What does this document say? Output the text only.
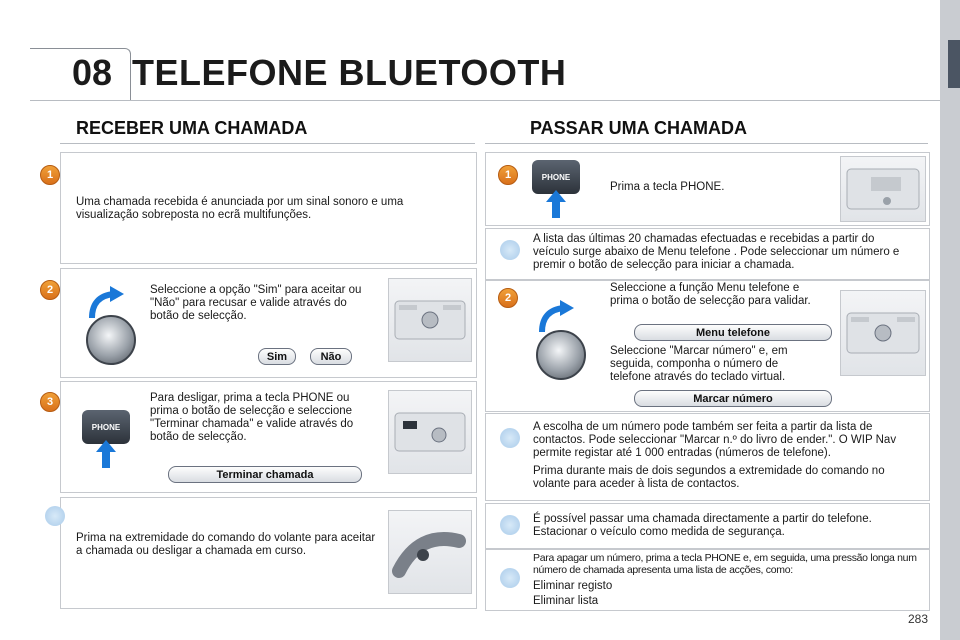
08 TELEFONE BLUETOOTH
RECEBER UMA CHAMADA
1
Uma chamada recebida é anunciada por um sinal sonoro e uma visualização sobreposta no ecrã multifunções.
2	Seleccione a opção "Sim" para aceitar ou "Não" para recusar e valide através do botão de selecção.
Sim	Não
3
PHONE
Para desligar, prima a tecla PHONE ou prima o botão de selecção e seleccione "Terminar chamada" e valide através do botão de selecção.
Terminar chamada
Prima na extremidade do comando do volante para aceitar a chamada ou desligar a chamada em curso.
PASSAR UMA CHAMADA
1	PHONE
Prima a tecla PHONE.
A lista das últimas 20 chamadas efectuadas e recebidas a partir do veículo surge abaixo de Menu telefone . Pode seleccionar um número e premir o botão de selecção para iniciar a chamada.
2
Seleccione a função Menu telefone e prima o botão de selecção para validar.
Menu telefone
Seleccione "Marcar número" e, em seguida, componha o número de telefone através do teclado virtual.
Marcar número
A escolha de um número pode também ser feita a partir da lista de contactos. Pode seleccionar "Marcar n.º do livro de ender.". O WIP Nav permite registar até 1 000 entradas (números de telefone).
Prima durante mais de dois segundos a extremidade do comando no volante para aceder à lista de contactos.
É possível passar uma chamada directamente a partir do telefone. Estacionar o veículo como medida de segurança.
Para apagar um número, prima a tecla PHONE e, em seguida, uma pressão longa num número de chamada apresenta uma lista de acções, como:
Eliminar registo
Eliminar lista
283
